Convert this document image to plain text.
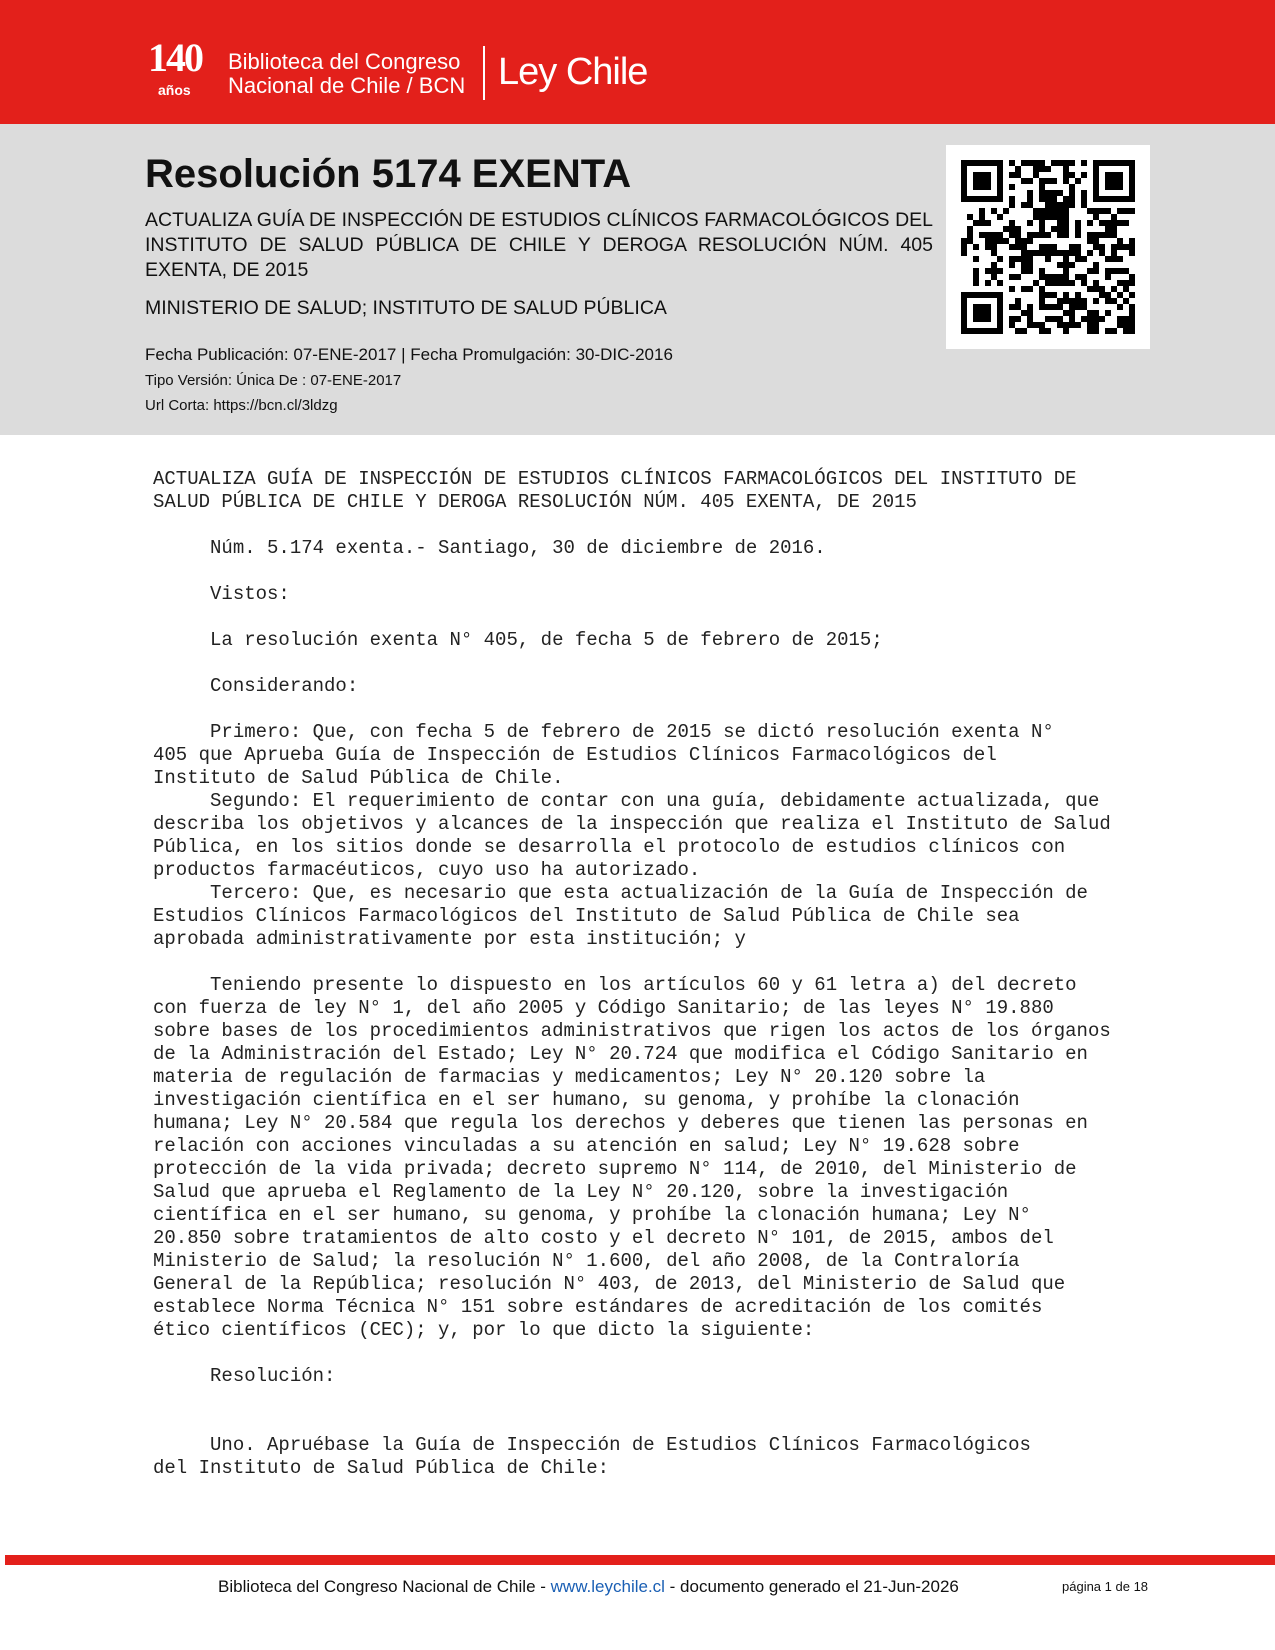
140
años
Biblioteca del Congreso
Nacional de Chile / BCN Ley Chile
Resolución 5174 EXENTA

ACTUALIZA GUÍA DE INSPECCIÓN DE ESTUDIOS CLÍNICOS FARMACOLÓGICOS DEL INSTITUTO DE SALUD PÚBLICA DE CHILE Y DEROGA RESOLUCIÓN NÚM. 405 EXENTA, DE 2015

MINISTERIO DE SALUD; INSTITUTO DE SALUD PÚBLICA

Fecha Publicación: 07-ENE-2017 | Fecha Promulgación: 30-DIC-2016
Tipo Versión: Única De : 07-ENE-2017
Url Corta: https://bcn.cl/3ldzg

ACTUALIZA GUÍA DE INSPECCIÓN DE ESTUDIOS CLÍNICOS FARMACOLÓGICOS DEL INSTITUTO DE
SALUD PÚBLICA DE CHILE Y DEROGA RESOLUCIÓN NÚM. 405 EXENTA, DE 2015

Núm. 5.174 exenta.- Santiago, 30 de diciembre de 2016.

Vistos:

La resolución exenta N° 405, de fecha 5 de febrero de 2015;

Considerando:

Primero: Que, con fecha 5 de febrero de 2015 se dictó resolución exenta N°
405 que Aprueba Guía de Inspección de Estudios Clínicos Farmacológicos del
Instituto de Salud Pública de Chile.
Segundo: El requerimiento de contar con una guía, debidamente actualizada, que
describa los objetivos y alcances de la inspección que realiza el Instituto de Salud
Pública, en los sitios donde se desarrolla el protocolo de estudios clínicos con
productos farmacéuticos, cuyo uso ha autorizado.
Tercero: Que, es necesario que esta actualización de la Guía de Inspección de
Estudios Clínicos Farmacológicos del Instituto de Salud Pública de Chile sea
aprobada administrativamente por esta institución; y

Teniendo presente lo dispuesto en los artículos 60 y 61 letra a) del decreto
con fuerza de ley N° 1, del año 2005 y Código Sanitario; de las leyes N° 19.880
sobre bases de los procedimientos administrativos que rigen los actos de los órganos
de la Administración del Estado; Ley N° 20.724 que modifica el Código Sanitario en
materia de regulación de farmacias y medicamentos; Ley N° 20.120 sobre la
investigación científica en el ser humano, su genoma, y prohíbe la clonación
humana; Ley N° 20.584 que regula los derechos y deberes que tienen las personas en
relación con acciones vinculadas a su atención en salud; Ley N° 19.628 sobre
protección de la vida privada; decreto supremo N° 114, de 2010, del Ministerio de
Salud que aprueba el Reglamento de la Ley N° 20.120, sobre la investigación
científica en el ser humano, su genoma, y prohíbe la clonación humana; Ley N°
20.850 sobre tratamientos de alto costo y el decreto N° 101, de 2015, ambos del
Ministerio de Salud; la resolución N° 1.600, del año 2008, de la Contraloría
General de la República; resolución N° 403, de 2013, del Ministerio de Salud que
establece Norma Técnica N° 151 sobre estándares de acreditación de los comités
ético científicos (CEC); y, por lo que dicto la siguiente:

Resolución:

Uno. Apruébase la Guía de Inspección de Estudios Clínicos Farmacológicos
del Instituto de Salud Pública de Chile:

Biblioteca del Congreso Nacional de Chile - www.leychile.cl - documento generado el 21-Jun-2026	página 1 de 18
